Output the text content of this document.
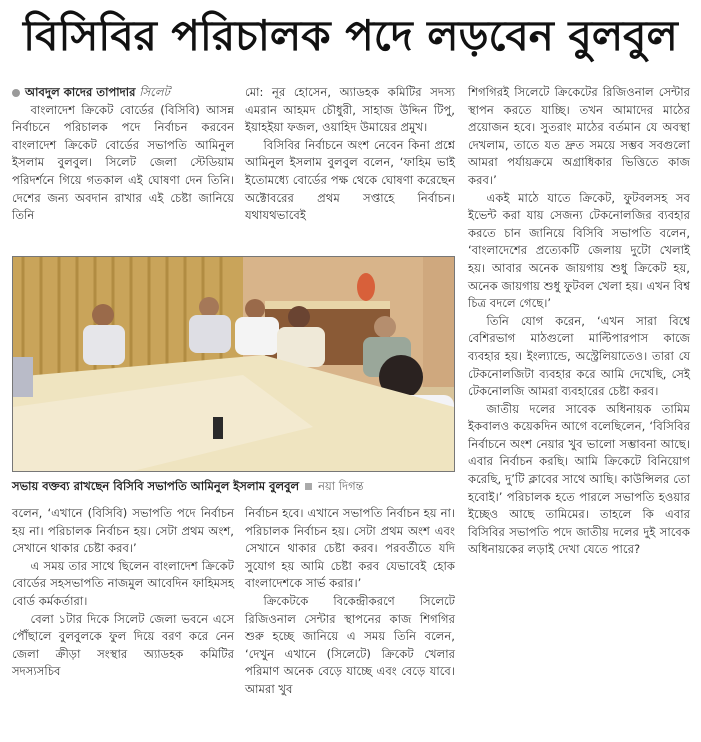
বিসিবির পরিচালক পদে লড়বেন বুলবুল

আবদুল কাদের তাপাদার সিলেট

বাংলাদেশ ক্রিকেট বোর্ডের (বিসিবি) আসন্ন নির্বাচনে পরিচালক পদে নির্বাচন করবেন বাংলাদেশ ক্রিকেট বোর্ডের সভাপতি আমিনুল ইসলাম বুলবুল। সিলেট জেলা স্টেডিয়াম পরিদর্শনে গিয়ে গতকাল এই ঘোষণা দেন তিনি। দেশের জন্য অবদান রাখার এই চেষ্টা জানিয়ে তিনি

মো: নূর হোসেন, অ্যাডহক কমিটির সদস্য এমরান আহমদ চৌধুরী, সাহাজ উদ্দিন টিপু, ইয়াহইয়া ফজল, ওয়াহিদ উমায়ের প্রমুখ।

বিসিবির নির্বাচনে অংশ নেবেন কিনা প্রশ্নে আমিনুল ইসলাম বুলবুল বলেন, ‘ফাহিম ভাই ইতোমধ্যে বোর্ডের পক্ষ থেকে ঘোষণা করেছেন অক্টোবরের প্রথম সপ্তাহে নির্বাচন। যথাযথভাবেই

শিগগিরই সিলেটে ক্রিকেটের রিজিওনাল সেন্টার স্থাপন করতে যাচ্ছি। তখন আমাদের মাঠের প্রয়োজন হবে। সুতরাং মাঠের বর্তমান যে অবস্থা দেখলাম, তাতে যত দ্রুত সময়ে সম্ভব সবগুলো আমরা পর্যায়ক্রমে অগ্রাধিকার ভিত্তিতে কাজ করব।’

একই মাঠে যাতে ক্রিকেট, ফুটবলসহ সব ইভেন্ট করা যায় সেজন্য টেকনোলজির ব্যবহার করতে চান জানিয়ে বিসিবি সভাপতি বলেন, ‘বাংলাদেশের প্রত্যেকটি জেলায় দুটো খেলাই হয়। আবার অনেক জায়গায় শুধু ক্রিকেট হয়, অনেক জায়গায় শুধু ফুটবল খেলা হয়। এখন বিশ্ব চিত্র বদলে গেছে।’

তিনি যোগ করেন, ‘এখন সারা বিশ্বে বেশিরভাগ মাঠগুলো মাল্টিপারপাস কাজে ব্যবহার হয়। ইংল্যান্ডে, অস্ট্রেলিয়াতেও। তারা যে টেকনোলজিটা ব্যবহার করে আমি দেখেছি, সেই টেকনোলজি আমরা ব্যবহারের চেষ্টা করব।

জাতীয় দলের সাবেক অধিনায়ক তামিম ইকবালও কয়েকদিন আগে বলেছিলেন, ‘বিসিবির নির্বাচনে অংশ নেয়ার খুব ভালো সম্ভাবনা আছে। এবার নির্বাচন করছি। আমি ক্রিকেটে বিনিয়োগ করেছি, দু’টি ক্লাবের সাথে আছি। কাউন্সিলর তো হবোই।’ পরিচালক হতে পারলে সভাপতি হওয়ার ইচ্ছেও আছে তামিমের। তাহলে কি এবার বিসিবির সভাপতি পদে জাতীয় দলের দুই সাবেক অধিনায়কের লড়াই দেখা যেতে পারে?

সভায় বক্তব্য রাখছেন বিসিবি সভাপতি আমিনুল ইসলাম বুলবুল নয়া দিগন্ত

বলেন, ‘এখানে (বিসিবি) সভাপতি পদে নির্বাচন হয় না। পরিচালক নির্বাচন হয়। সেটা প্রথম অংশ, সেখানে থাকার চেষ্টা করব।’

এ সময় তার সাথে ছিলেন বাংলাদেশ ক্রিকেট বোর্ডের সহসভাপতি নাজমুল আবেদিন ফাহিমসহ বোর্ড কর্মকর্তারা।

বেলা ১টার দিকে সিলেট জেলা ভবনে এসে পৌঁছালে বুলবুলকে ফুল দিয়ে বরণ করে নেন জেলা ক্রীড়া সংস্থার অ্যাডহক কমিটির সদস্যসচিব

নির্বাচন হবে। এখানে সভাপতি নির্বাচন হয় না। পরিচালক নির্বাচন হয়। সেটা প্রথম অংশ এবং সেখানে থাকার চেষ্টা করব। পরবর্তীতে যদি সুযোগ হয় আমি চেষ্টা করব যেভাবেই হোক বাংলাদেশকে সার্ভ করার।’

ক্রিকেটকে বিকেন্দ্রীকরণে সিলেটে রিজিওনাল সেন্টার স্থাপনের কাজ শিগগির শুরু হচ্ছে জানিয়ে এ সময় তিনি বলেন, ‘দেখুন এখানে (সিলেটে) ক্রিকেট খেলার পরিমাণ অনেক বেড়ে যাচ্ছে এবং বেড়ে যাবে। আমরা খুব
